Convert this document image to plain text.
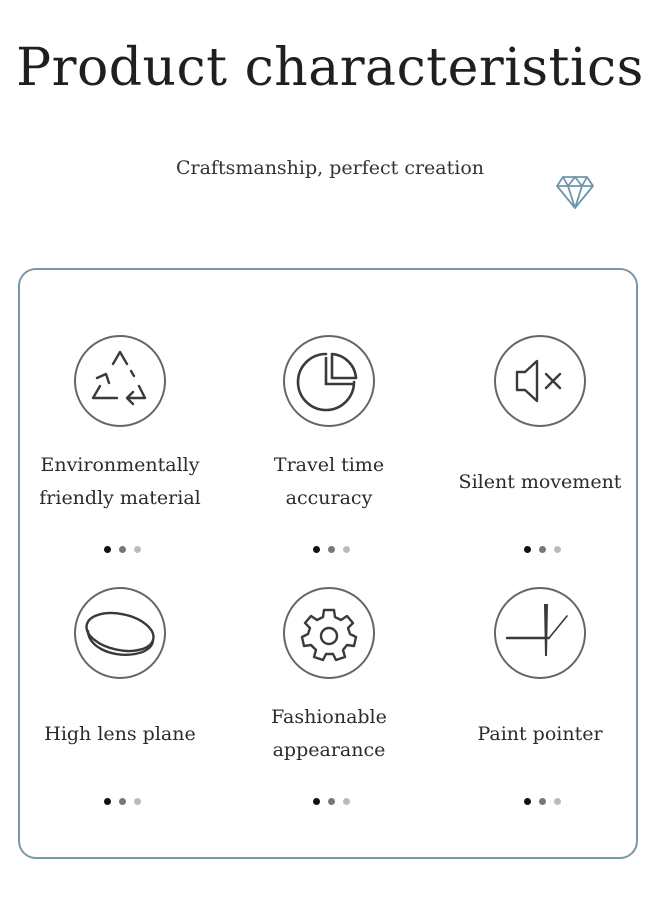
Product characteristics
Craftsmanship, perfect creation
Environmentally
friendly material
Travel time
accuracy
Silent movement
High lens plane
Fashionable
appearance
Paint pointer
